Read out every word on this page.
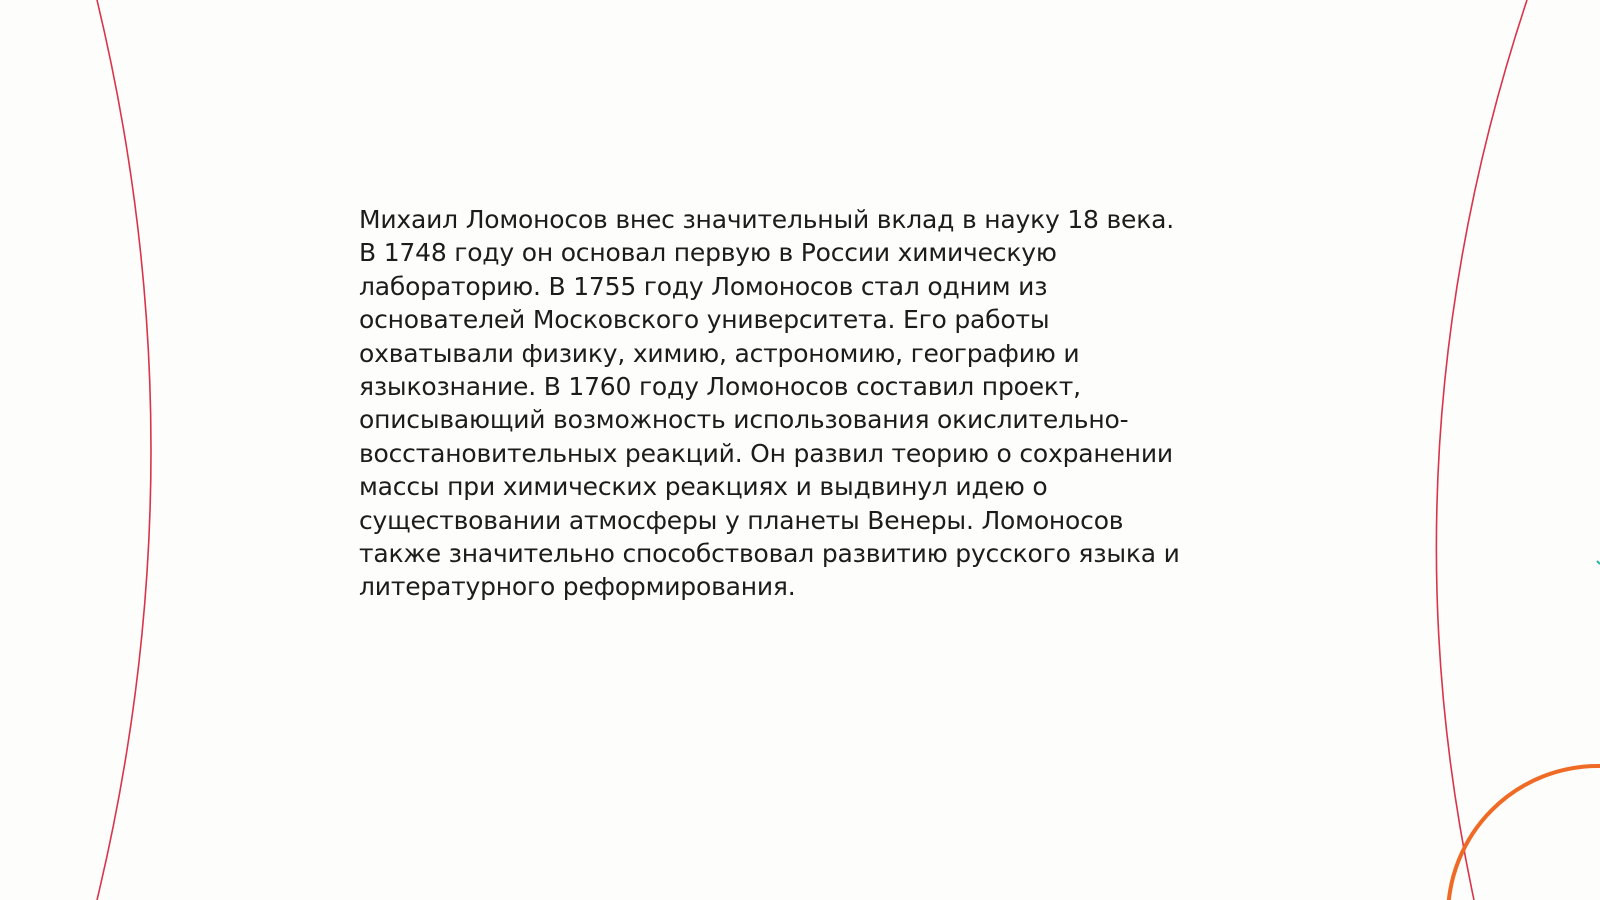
Михаил Ломоносов внес значительный вклад в науку 18 века.
В 1748 году он основал первую в России химическую
лабораторию. В 1755 году Ломоносов стал одним из
основателей Московского университета. Его работы
охватывали физику, химию, астрономию, географию и
языкознание. В 1760 году Ломоносов составил проект,
описывающий возможность использования окислительно-
восстановительных реакций. Он развил теорию о сохранении
массы при химических реакциях и выдвинул идею о
существовании атмосферы у планеты Венеры. Ломоносов
также значительно способствовал развитию русского языка и
литературного реформирования.
